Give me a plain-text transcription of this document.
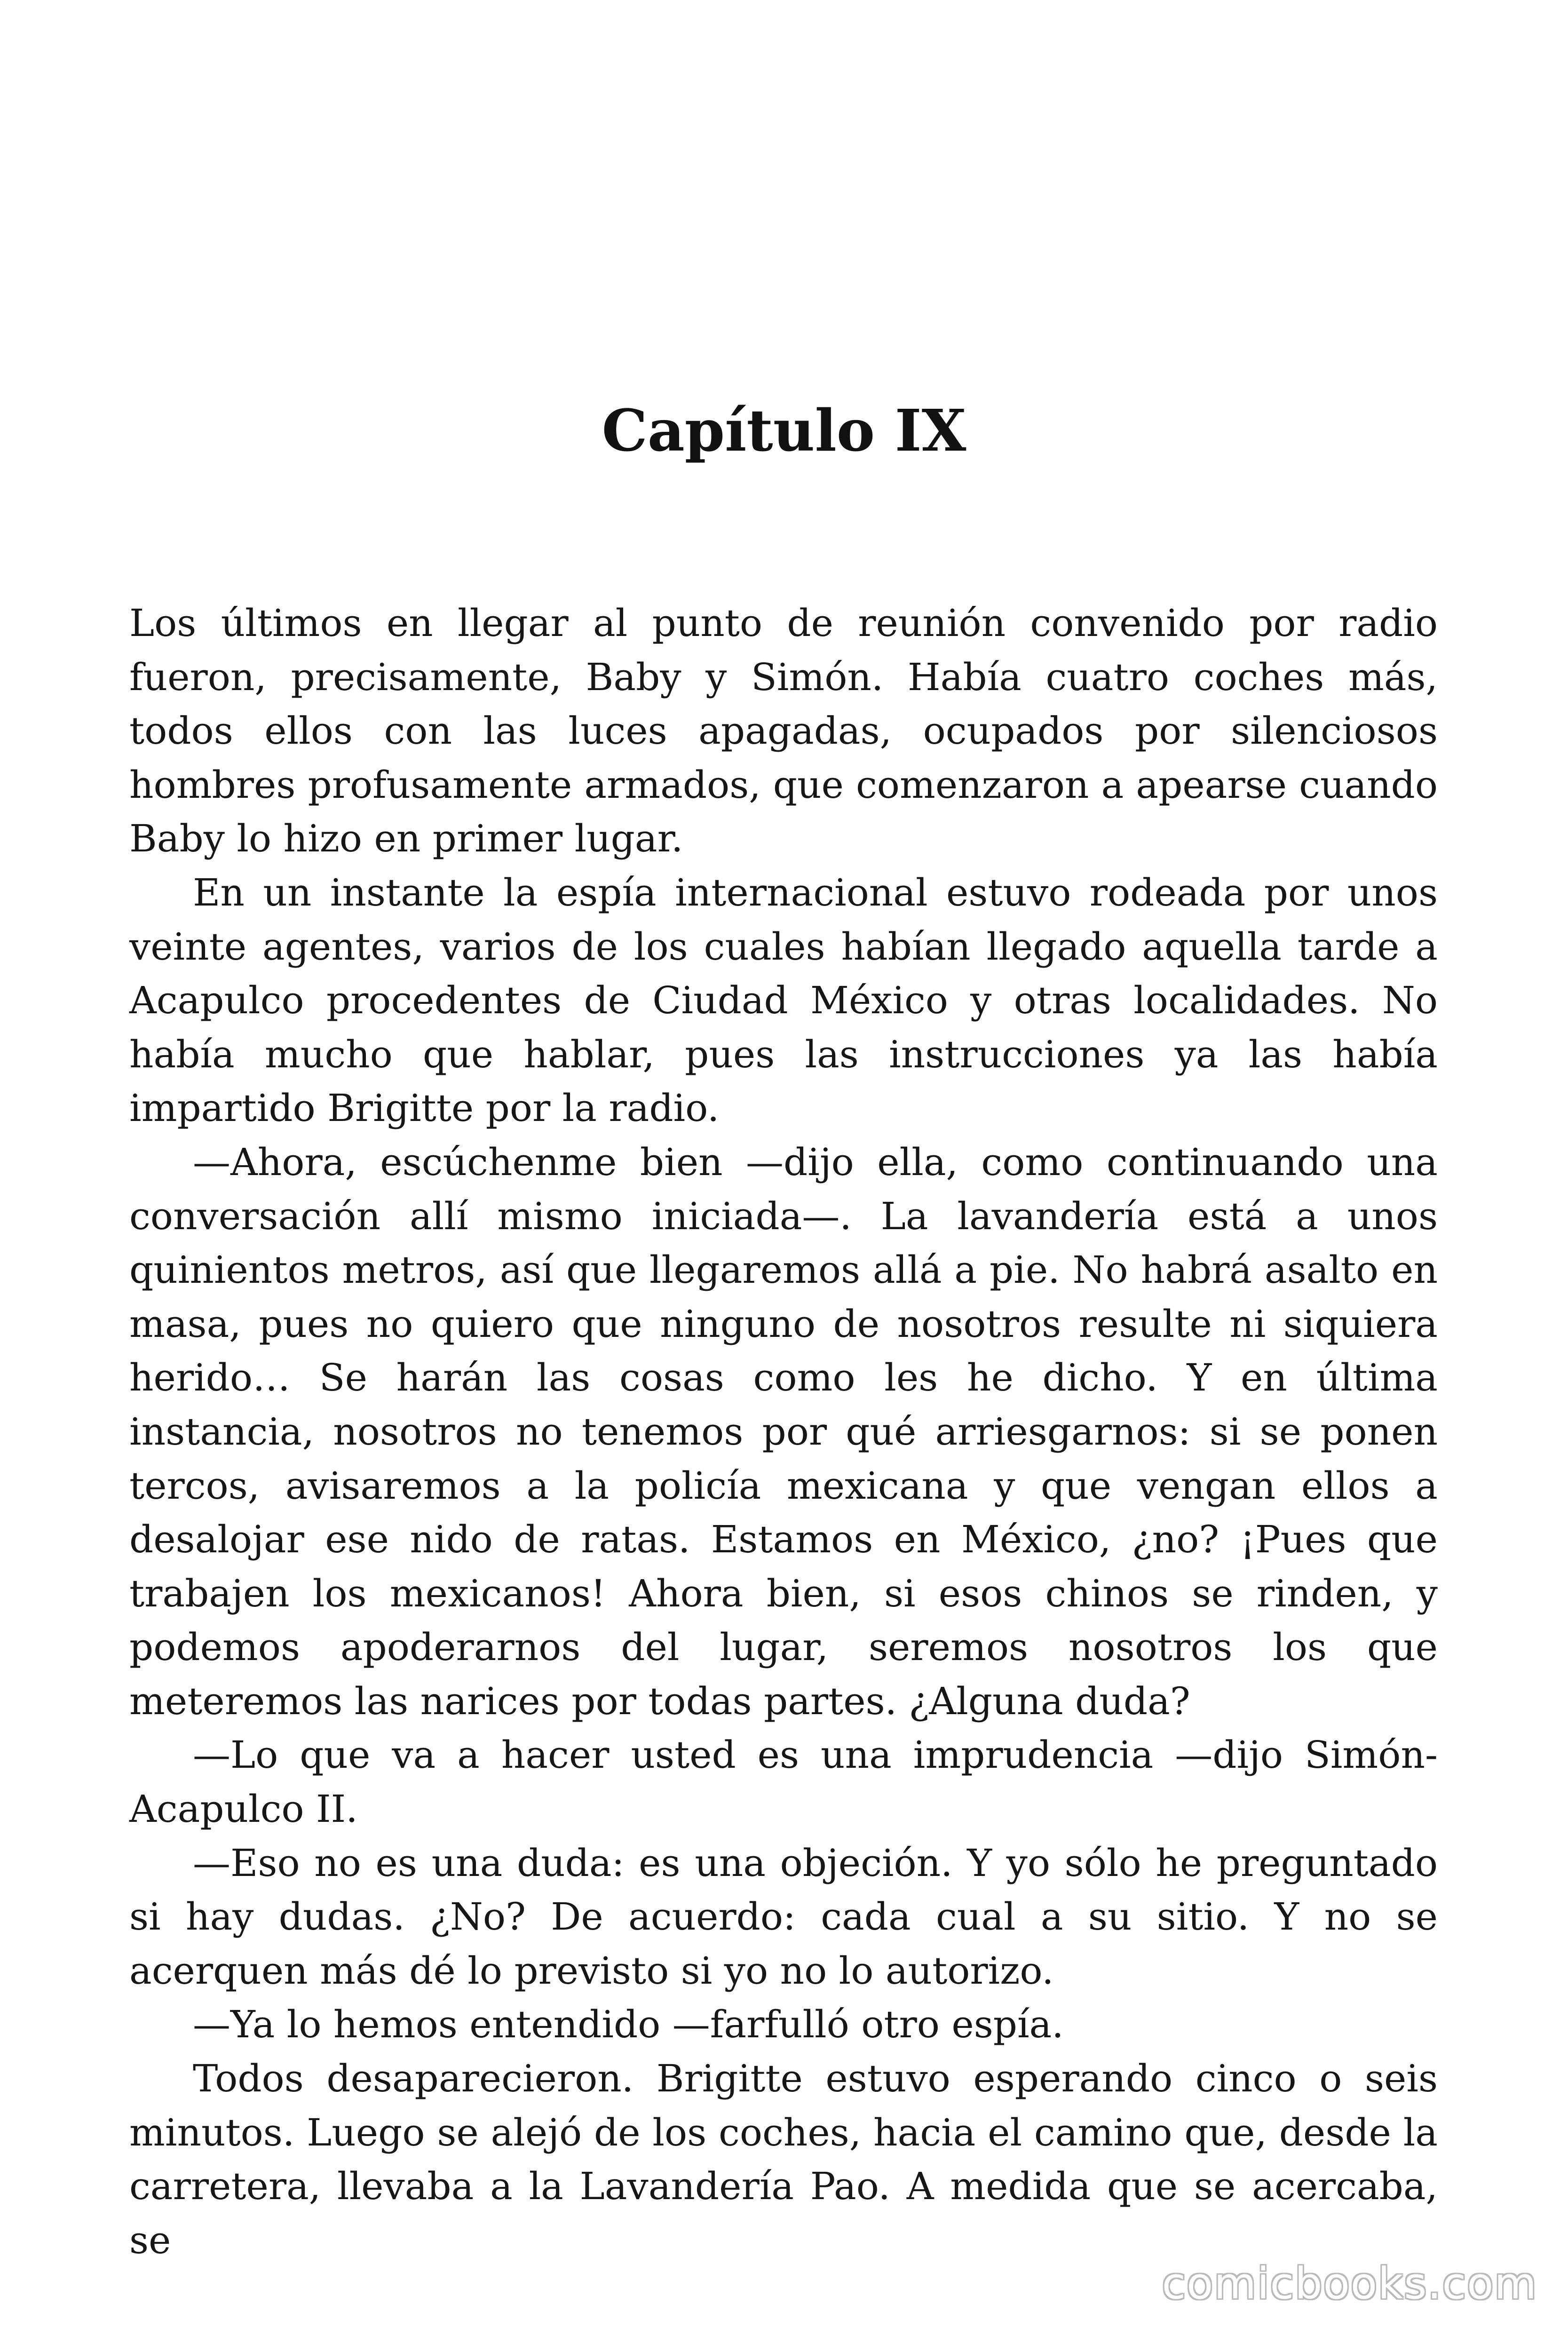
Capítulo IX

Los últimos en llegar al punto de reunión convenido por radio fueron, precisamente, Baby y Simón. Había cuatro coches más, todos ellos con las luces apagadas, ocupados por silenciosos hombres profusamente armados, que comenzaron a apearse cuando Baby lo hizo en primer lugar.

En un instante la espía internacional estuvo rodeada por unos veinte agentes, varios de los cuales habían llegado aquella tarde a Acapulco procedentes de Ciudad México y otras localidades. No había mucho que hablar, pues las instrucciones ya las había impartido Brigitte por la radio.

—Ahora, escúchenme bien —dijo ella, como continuando una conversación allí mismo iniciada—. La lavandería está a unos quinientos metros, así que llegaremos allá a pie. No habrá asalto en masa, pues no quiero que ninguno de nosotros resulte ni siquiera herido… Se harán las cosas como les he dicho. Y en última instancia, nosotros no tenemos por qué arriesgarnos: si se ponen tercos, avisaremos a la policía mexicana y que vengan ellos a desalojar ese nido de ratas. Estamos en México, ¿no? ¡Pues que trabajen los mexicanos! Ahora bien, si esos chinos se rinden, y podemos apoderarnos del lugar, seremos nosotros los que meteremos las narices por todas partes. ¿Alguna duda?

—Lo que va a hacer usted es una imprudencia —dijo Simón-Acapulco II.

—Eso no es una duda: es una objeción. Y yo sólo he preguntado si hay dudas. ¿No? De acuerdo: cada cual a su sitio. Y no se acerquen más dé lo previsto si yo no lo autorizo.

—Ya lo hemos entendido —farfulló otro espía.

Todos desaparecieron. Brigitte estuvo esperando cinco o seis minutos. Luego se alejó de los coches, hacia el camino que, desde la carretera, llevaba a la Lavandería Pao. A medida que se acercaba, se

comicbooks.com
